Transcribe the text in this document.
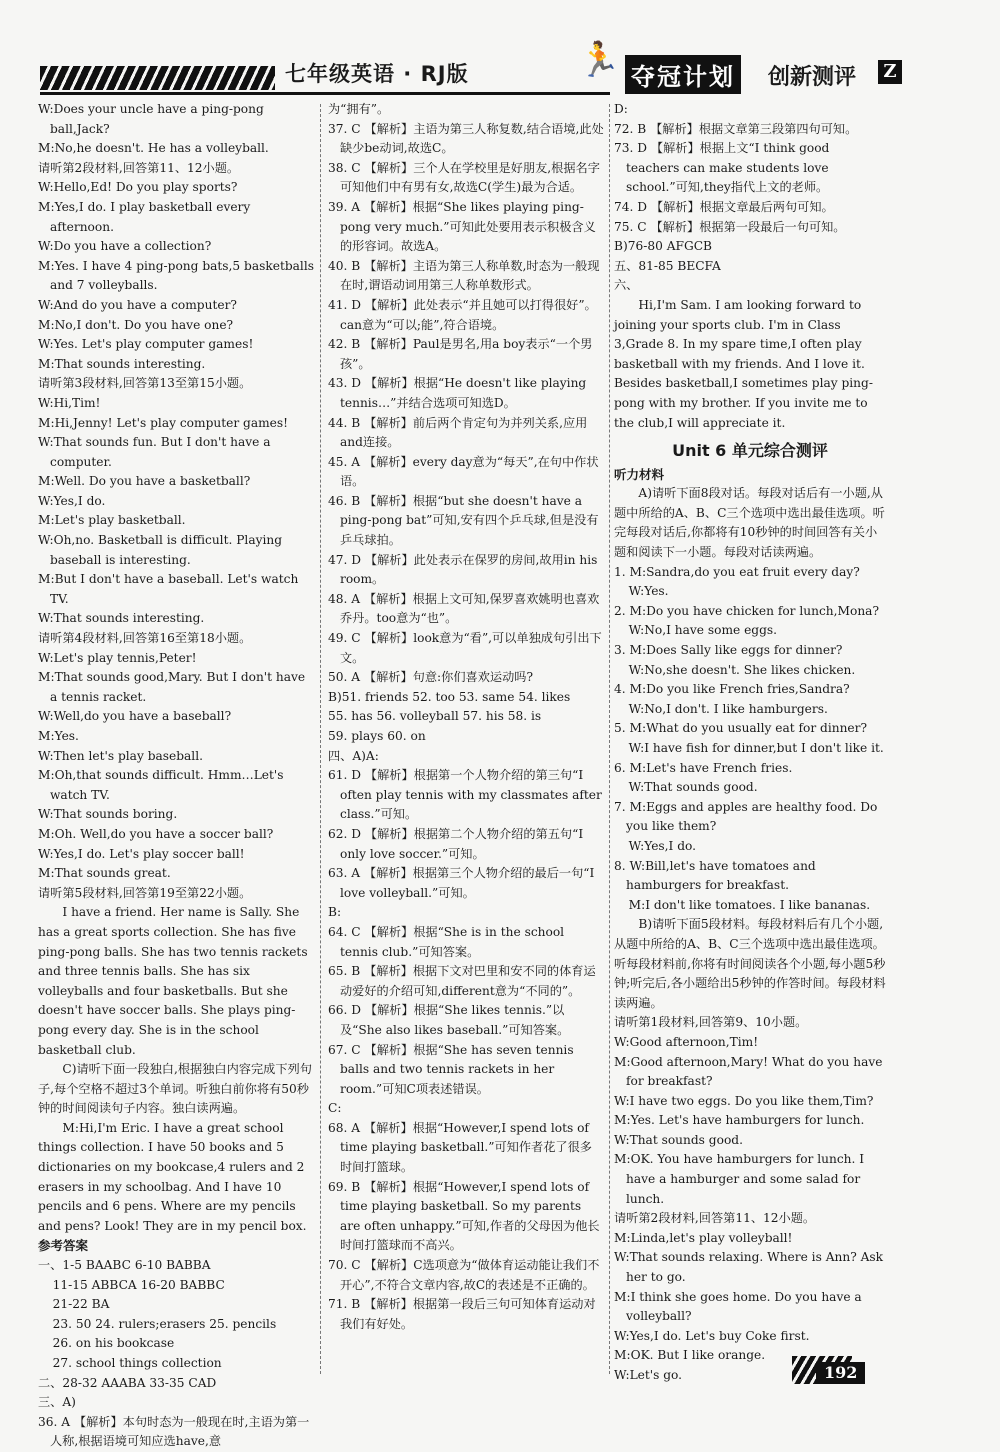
七年级英语 · RJ版	🏃 夺冠计划 创新测评	Z

W:Does your uncle have a ping-pong ball,Jack?

M:No,he doesn't. He has a volleyball.

请听第2段材料,回答第11、12小题。

W:Hello,Ed! Do you play sports?

M:Yes,I do. I play basketball every afternoon.

W:Do you have a collection?

M:Yes. I have 4 ping-pong bats,5 basketballs and 7 volleyballs.

W:And do you have a computer?

M:No,I don't. Do you have one?

W:Yes. Let's play computer games!

M:That sounds interesting.

请听第3段材料,回答第13至第15小题。

W:Hi,Tim!

M:Hi,Jenny! Let's play computer games!

W:That sounds fun. But I don't have a computer.

M:Well. Do you have a basketball?

W:Yes,I do.

M:Let's play basketball.

W:Oh,no. Basketball is difficult. Playing baseball is interesting.

M:But I don't have a baseball. Let's watch TV.

W:That sounds interesting.

请听第4段材料,回答第16至第18小题。

W:Let's play tennis,Peter!

M:That sounds good,Mary. But I don't have a tennis racket.

W:Well,do you have a baseball?

M:Yes.

W:Then let's play baseball.

M:Oh,that sounds difficult. Hmm…Let's watch TV.

W:That sounds boring.

M:Oh. Well,do you have a soccer ball?

W:Yes,I do. Let's play soccer ball!

M:That sounds great.

请听第5段材料,回答第19至第22小题。

I have a friend. Her name is Sally. She has a great sports collection. She has five ping-pong balls. She has two tennis rackets and three tennis balls. She has six volleyballs and four basketballs. But she doesn't have soccer balls. She plays ping-pong every day. She is in the school basketball club.

C)请听下面一段独白,根据独白内容完成下列句子,每个空格不超过3个单词。听独白前你将有50秒钟的时间阅读句子内容。独白读两遍。

M:Hi,I'm Eric. I have a great school things collection. I have 50 books and 5 dictionaries on my bookcase,4 rulers and 2 erasers in my schoolbag. And I have 10 pencils and 6 pens. Where are my pencils and pens? Look! They are in my pencil box.

参考答案

一、1-5 BAABC 6-10 BABBA

11-15 ABBCA 16-20 BABBC

21-22 BA

23. 50 24. rulers;erasers 25. pencils

26. on his bookcase

27. school things collection

二、28-32 AAABA 33-35 CAD

三、A)

36. A 【解析】本句时态为一般现在时,主语为第一人称,根据语境可知应选have,意

为“拥有”。

37. C 【解析】主语为第三人称复数,结合语境,此处缺少be动词,故选C。

38. C 【解析】三个人在学校里是好朋友,根据名字可知他们中有男有女,故选C(学生)最为合适。

39. A 【解析】根据“She likes playing ping-pong very much.”可知此处要用表示积极含义的形容词。故选A。

40. B 【解析】主语为第三人称单数,时态为一般现在时,谓语动词用第三人称单数形式。

41. D 【解析】此处表示“并且她可以打得很好”。can意为“可以;能”,符合语境。

42. B 【解析】Paul是男名,用a boy表示“一个男孩”。

43. D 【解析】根据“He doesn't like playing tennis…”并结合选项可知选D。

44. B 【解析】前后两个肯定句为并列关系,应用and连接。

45. A 【解析】every day意为“每天”,在句中作状语。

46. B 【解析】根据“but she doesn't have a ping-pong bat”可知,安有四个乒乓球,但是没有乒乓球拍。

47. D 【解析】此处表示在保罗的房间,故用in his room。

48. A 【解析】根据上文可知,保罗喜欢姚明也喜欢乔丹。too意为“也”。

49. C 【解析】look意为“看”,可以单独成句引出下文。

50. A 【解析】句意:你们喜欢运动吗?

B)51. friends 52. too 53. same 54. likes

55. has 56. volleyball 57. his 58. is

59. plays 60. on

四、A)A:

61. D 【解析】根据第一个人物介绍的第三句“I often play tennis with my classmates after class.”可知。

62. D 【解析】根据第二个人物介绍的第五句“I only love soccer.”可知。

63. A 【解析】根据第三个人物介绍的最后一句“I love volleyball.”可知。

B:

64. C 【解析】根据“She is in the school tennis club.”可知答案。

65. B 【解析】根据下文对巴里和安不同的体育运动爱好的介绍可知,different意为“不同的”。

66. D 【解析】根据“She likes tennis.”以及“She also likes baseball.”可知答案。

67. C 【解析】根据“She has seven tennis balls and two tennis rackets in her room.”可知C项表述错误。

C:

68. A 【解析】根据“However,I spend lots of time playing basketball.”可知作者花了很多时间打篮球。

69. B 【解析】根据“However,I spend lots of time playing basketball. So my parents are often unhappy.”可知,作者的父母因为他长时间打篮球而不高兴。

70. C 【解析】C选项意为“做体育运动能让我们不开心”,不符合文章内容,故C的表述是不正确的。

71. B 【解析】根据第一段后三句可知体育运动对我们有好处。

D:

72. B 【解析】根据文章第三段第四句可知。

73. D 【解析】根据上文“I think good teachers can make students love school.”可知,they指代上文的老师。

74. D 【解析】根据文章最后两句可知。

75. C 【解析】根据第一段最后一句可知。

B)76-80 AFGCB

五、81-85 BECFA

六、

Hi,I'm Sam. I am looking forward to joining your sports club. I'm in Class 3,Grade 8. In my spare time,I often play basketball with my friends. And I love it. Besides basketball,I sometimes play ping-pong with my brother. If you invite me to the club,I will appreciate it.

Unit 6 单元综合测评

听力材料

A)请听下面8段对话。每段对话后有一小题,从题中所给的A、B、C三个选项中选出最佳选项。听完每段对话后,你都将有10秒钟的时间回答有关小题和阅读下一小题。每段对话读两遍。

1. M:Sandra,do you eat fruit every day?

W:Yes.

2. M:Do you have chicken for lunch,Mona?

W:No,I have some eggs.

3. M:Does Sally like eggs for dinner?

W:No,she doesn't. She likes chicken.

4. M:Do you like French fries,Sandra?

W:No,I don't. I like hamburgers.

5. M:What do you usually eat for dinner?

W:I have fish for dinner,but I don't like it.

6. M:Let's have French fries.

W:That sounds good.

7. M:Eggs and apples are healthy food. Do you like them?

W:Yes,I do.

8. W:Bill,let's have tomatoes and hamburgers for breakfast.

M:I don't like tomatoes. I like bananas.

B)请听下面5段材料。每段材料后有几个小题,从题中所给的A、B、C三个选项中选出最佳选项。听每段材料前,你将有时间阅读各个小题,每小题5秒钟;听完后,各小题给出5秒钟的作答时间。每段材料读两遍。

请听第1段材料,回答第9、10小题。

W:Good afternoon,Tim!

M:Good afternoon,Mary! What do you have for breakfast?

W:I have two eggs. Do you like them,Tim?

M:Yes. Let's have hamburgers for lunch.

W:That sounds good.

M:OK. You have hamburgers for lunch. I have a hamburger and some salad for lunch.

请听第2段材料,回答第11、12小题。

M:Linda,let's play volleyball!

W:That sounds relaxing. Where is Ann? Ask her to go.

M:I think she goes home. Do you have a volleyball?

W:Yes,I do. Let's buy Coke first.

M:OK. But I like orange.

W:Let's go.	192
